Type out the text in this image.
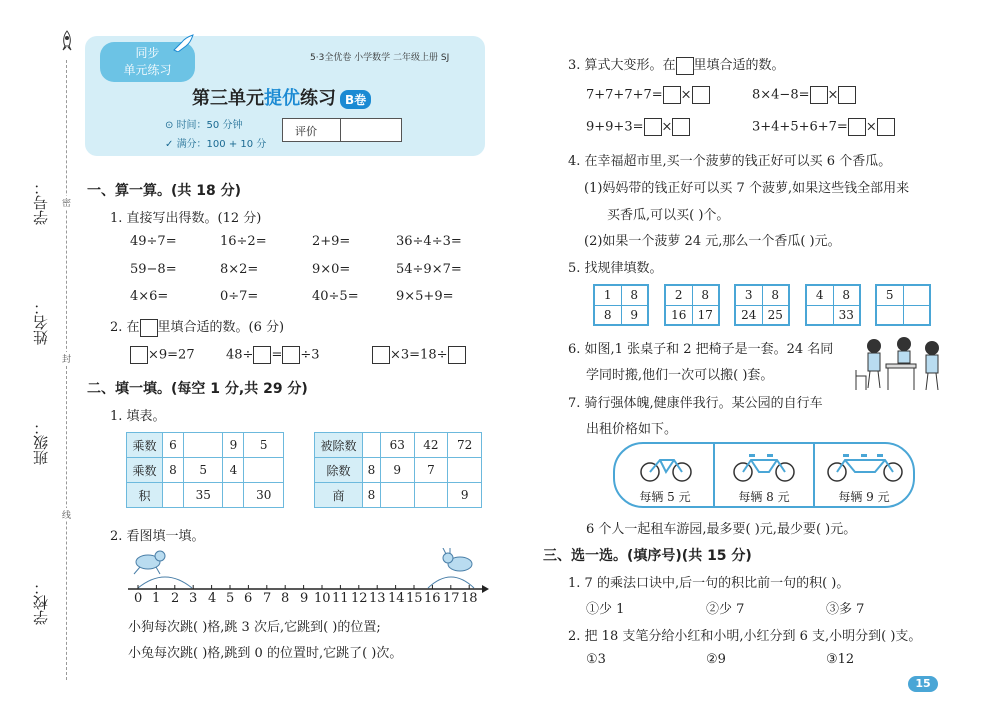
学号：
姓名：
班级：
学校：
密
封
线
同步
单元练习
5·3全优卷 小学数学 二年级上册 SJ
第三单元提优练习 B卷
⊙ 时间：50 分钟
✓ 满分：100 + 10 分
评价
一、算一算。(共 18 分)
1. 直接写出得数。(12 分)
49÷7=	16÷2=	2+9=	36÷4÷3=
59−8=	8×2=	9×0=	54÷9×7=
4×6=	0÷7=	40÷5=	9×5+9=
2. 在 里填合适的数。(6 分)
×9=27 48÷ = ÷3	×3=18÷
二、填一填。(每空 1 分,共 29 分)
1. 填表。
乘数	6		9	5
乘数	8	5	4	
积		35		30
被除数		63	42	72
除数	8	9	7	
商	8			9
2. 看图填一填。
0 1 2 3 4 5 6 7 8 9 10 11 12 13 14 15 16 17 18
小狗每次跳( )格,跳 3 次后,它跳到( )的位置;
小兔每次跳( )格,跳到 0 的位置时,它跳了( )次。
3. 算式大变形。在 里填合适的数。
7+7+7+7= ×	8×4−8= ×
9+9+3= ×	3+4+5+6+7= ×
4. 在幸福超市里,买一个菠萝的钱正好可以买 6 个香瓜。
(1)妈妈带的钱正好可以买 7 个菠萝,如果这些钱全部用来
买香瓜,可以买( )个。
(2)如果一个菠萝 24 元,那么一个香瓜( )元。
5. 找规律填数。
1	8
8	9
2	8
16	17
3	8
24	25
4	8
	33
5	

6. 如图,1 张桌子和 2 把椅子是一套。24 名同
学同时搬,他们一次可以搬( )套。
7. 骑行强体魄,健康伴我行。某公园的自行车
出租价格如下。
每辆 5 元	每辆 8 元	每辆 9 元
6 个人一起租车游园,最多要( )元,最少要( )元。
三、选一选。(填序号)(共 15 分)
1. 7 的乘法口诀中,后一句的积比前一句的积( )。
①少 1	②少 7	③多 7
2. 把 18 支笔分给小红和小明,小红分到 6 支,小明分到( )支。
①3	②9	③12
15
